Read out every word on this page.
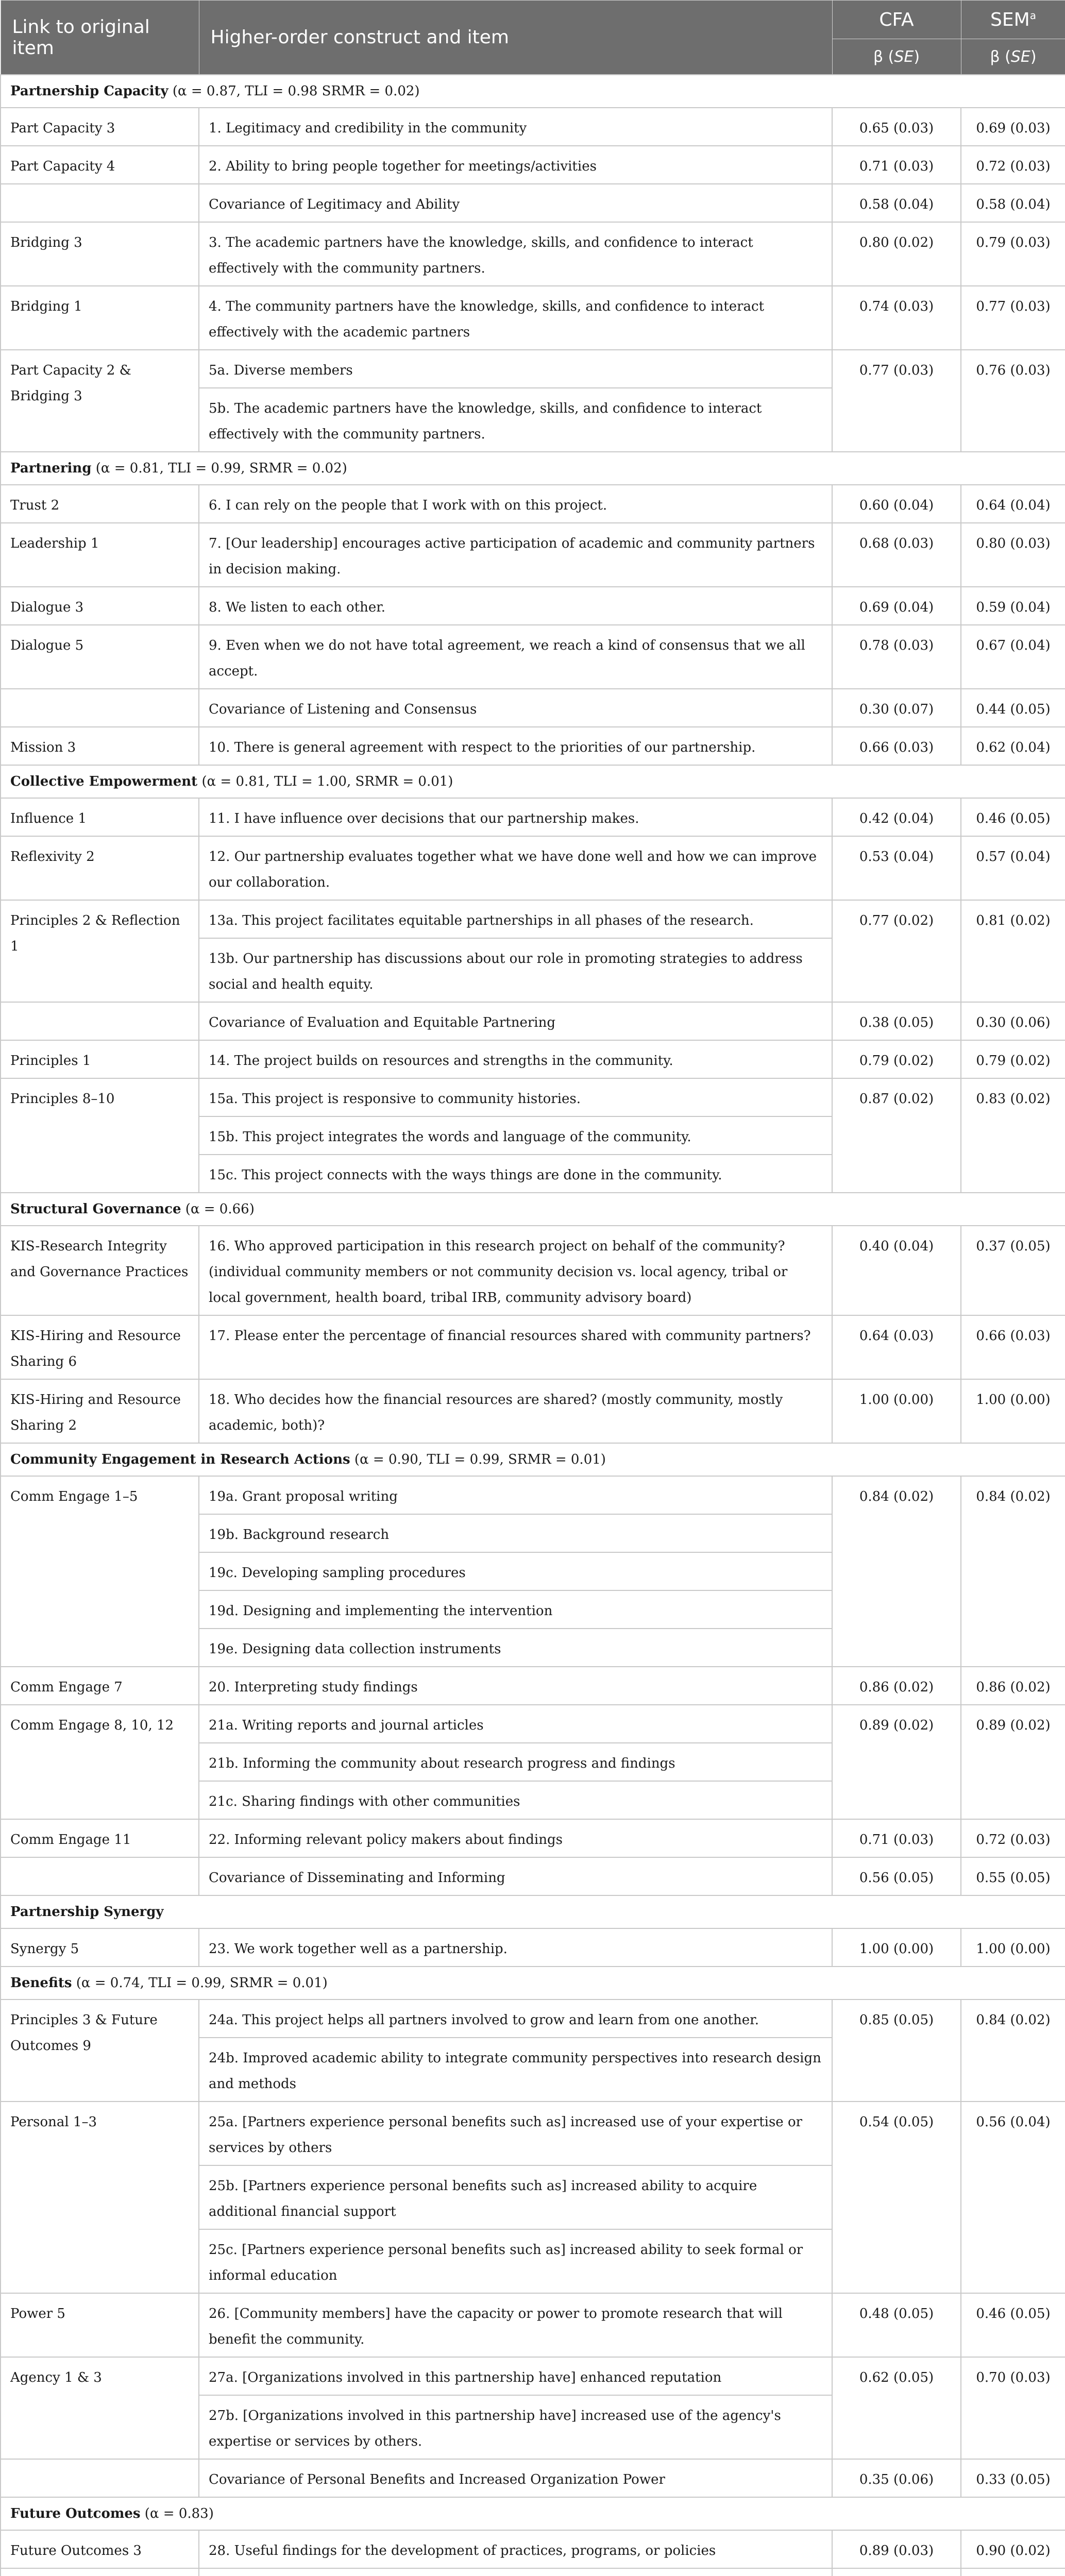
Link to original item	Higher-order construct and item	CFA	SEM$^a$
		β (SE)	β (SE)
Partnership Capacity (α = 0.87, TLI = 0.98 SRMR = 0.02)			
Part Capacity 3	1. Legitimacy and credibility in the community	0.65 (0.03)	0.69 (0.03)
Part Capacity 4	2. Ability to bring people together for meetings/activities	0.71 (0.03)	0.72 (0.03)
	Covariance of Legitimacy and Ability	0.58 (0.04)	0.58 (0.04)
Bridging 3	3. The academic partners have the knowledge, skills, and confidence to interact effectively with the community partners.	0.80 (0.02)	0.79 (0.03)
Bridging 1	4. The community partners have the knowledge, skills, and confidence to interact effectively with the academic partners	0.74 (0.03)	0.77 (0.03)
Part Capacity 2 & Bridging 3	5a. Diverse members	0.77 (0.03)	0.76 (0.03)
	5b. The academic partners have the knowledge, skills, and confidence to interact effectively with the community partners.		
Partnering (α = 0.81, TLI = 0.99, SRMR = 0.02)			
Trust 2	6. I can rely on the people that I work with on this project.	0.60 (0.04)	0.64 (0.04)
Leadership 1	7. [Our leadership] encourages active participation of academic and community partners in decision making.	0.68 (0.03)	0.80 (0.03)
Dialogue 3	8. We listen to each other.	0.69 (0.04)	0.59 (0.04)
Dialogue 5	9. Even when we do not have total agreement, we reach a kind of consensus that we all accept.	0.78 (0.03)	0.67 (0.04)
	Covariance of Listening and Consensus	0.30 (0.07)	0.44 (0.05)
Mission 3	10. There is general agreement with respect to the priorities of our partnership.	0.66 (0.03)	0.62 (0.04)
Collective Empowerment (α = 0.81, TLI = 1.00, SRMR = 0.01)			
Influence 1	11. I have influence over decisions that our partnership makes.	0.42 (0.04)	0.46 (0.05)
Reflexivity 2	12. Our partnership evaluates together what we have done well and how we can improve our collaboration.	0.53 (0.04)	0.57 (0.04)
Principles 2 & Reflection 1	13a. This project facilitates equitable partnerships in all phases of the research.	0.77 (0.02)	0.81 (0.02)
	13b. Our partnership has discussions about our role in promoting strategies to address social and health equity.		
	Covariance of Evaluation and Equitable Partnering	0.38 (0.05)	0.30 (0.06)
Principles 1	14. The project builds on resources and strengths in the community.	0.79 (0.02)	0.79 (0.02)
Principles 8–10	15a. This project is responsive to community histories.	0.87 (0.02)	0.83 (0.02)
	15b. This project integrates the words and language of the community.		
	15c. This project connects with the ways things are done in the community.		
Structural Governance (α = 0.66)			
KIS-Research Integrity and Governance Practices	16. Who approved participation in this research project on behalf of the community? (individual community members or not community decision vs. local agency, tribal or local government, health board, tribal IRB, community advisory board)	0.40 (0.04)	0.37 (0.05)
KIS-Hiring and Resource Sharing 6	17. Please enter the percentage of financial resources shared with community partners?	0.64 (0.03)	0.66 (0.03)
KIS-Hiring and Resource Sharing 2	18. Who decides how the financial resources are shared? (mostly community, mostly academic, both)?	1.00 (0.00)	1.00 (0.00)
Community Engagement in Research Actions (α = 0.90, TLI = 0.99, SRMR = 0.01)			
Comm Engage 1–5	19a. Grant proposal writing	0.84 (0.02)	0.84 (0.02)
	19b. Background research		
	19c. Developing sampling procedures		
	19d. Designing and implementing the intervention		
	19e. Designing data collection instruments		
Comm Engage 7	20. Interpreting study findings	0.86 (0.02)	0.86 (0.02)
Comm Engage 8, 10, 12	21a. Writing reports and journal articles	0.89 (0.02)	0.89 (0.02)
	21b. Informing the community about research progress and findings		
	21c. Sharing findings with other communities		
Comm Engage 11	22. Informing relevant policy makers about findings	0.71 (0.03)	0.72 (0.03)
	Covariance of Disseminating and Informing	0.56 (0.05)	0.55 (0.05)
Partnership Synergy			
Synergy 5	23. We work together well as a partnership.	1.00 (0.00)	1.00 (0.00)
Benefits (α = 0.74, TLI = 0.99, SRMR = 0.01)			
Principles 3 & Future Outcomes 9	24a. This project helps all partners involved to grow and learn from one another.	0.85 (0.05)	0.84 (0.02)
	24b. Improved academic ability to integrate community perspectives into research design and methods		
Personal 1–3	25a. [Partners experience personal benefits such as] increased use of your expertise or services by others	0.54 (0.05)	0.56 (0.04)
	25b. [Partners experience personal benefits such as] increased ability to acquire additional financial support		
	25c. [Partners experience personal benefits such as] increased ability to seek formal or informal education		
Power 5	26. [Community members] have the capacity or power to promote research that will benefit the community.	0.48 (0.05)	0.46 (0.05)
Agency 1 & 3	27a. [Organizations involved in this partnership have] enhanced reputation	0.62 (0.05)	0.70 (0.03)
	27b. [Organizations involved in this partnership have] increased use of the agency's expertise or services by others.		
	Covariance of Personal Benefits and Increased Organization Power	0.35 (0.06)	0.33 (0.05)
Future Outcomes (α = 0.83)			
Future Outcomes 3	28. Useful findings for the development of practices, programs, or policies	0.89 (0.03)	0.90 (0.02)
